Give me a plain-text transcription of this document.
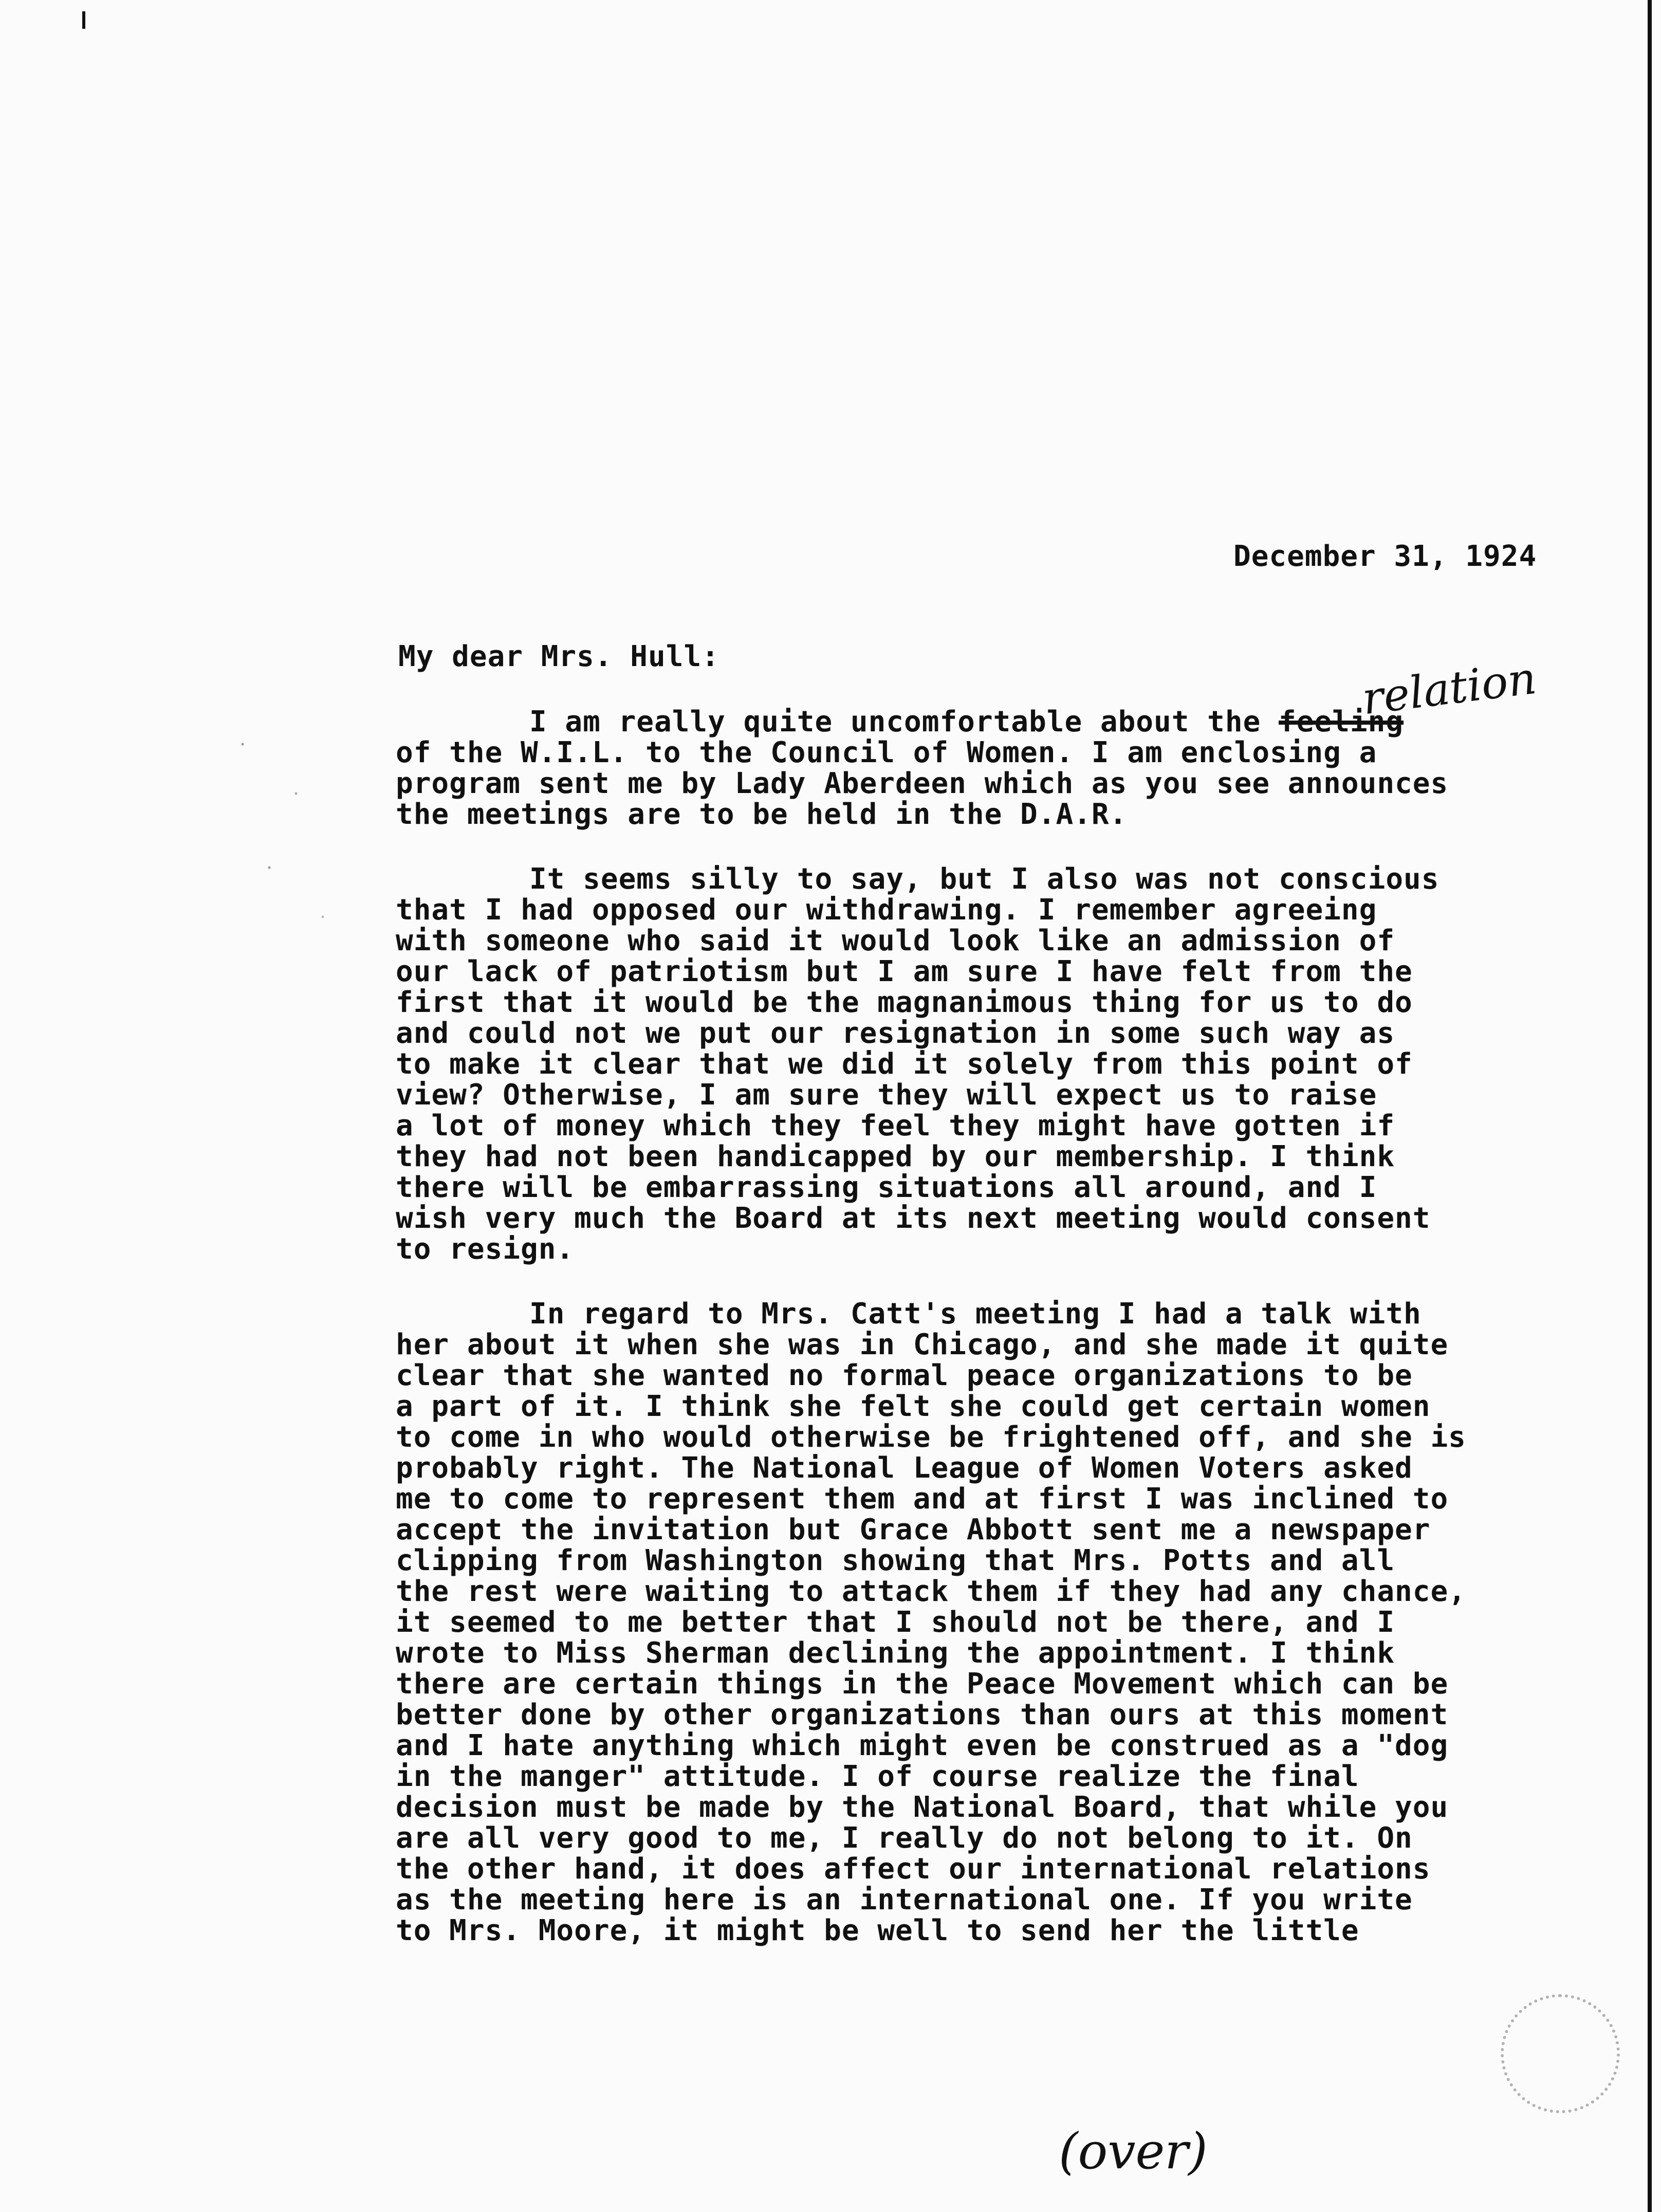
December 31, 1924
My dear Mrs. Hull:	relation
I am really quite uncomfortable about the feeling
of the W.I.L. to the Council of Women. I am enclosing a
program sent me by Lady Aberdeen which as you see announces
the meetings are to be held in the D.A.R.
It seems silly to say, but I also was not conscious
that I had opposed our withdrawing. I remember agreeing
with someone who said it would look like an admission of
our lack of patriotism but I am sure I have felt from the
first that it would be the magnanimous thing for us to do
and could not we put our resignation in some such way as
to make it clear that we did it solely from this point of
view? Otherwise, I am sure they will expect us to raise
a lot of money which they feel they might have gotten if
they had not been handicapped by our membership. I think
there will be embarrassing situations all around, and I
wish very much the Board at its next meeting would consent
to resign.
In regard to Mrs. Catt's meeting I had a talk with
her about it when she was in Chicago, and she made it quite
clear that she wanted no formal peace organizations to be
a part of it. I think she felt she could get certain women
to come in who would otherwise be frightened off, and she is
probably right. The National League of Women Voters asked
me to come to represent them and at first I was inclined to
accept the invitation but Grace Abbott sent me a newspaper
clipping from Washington showing that Mrs. Potts and all
the rest were waiting to attack them if they had any chance,
it seemed to me better that I should not be there, and I
wrote to Miss Sherman declining the appointment. I think
there are certain things in the Peace Movement which can be
better done by other organizations than ours at this moment
and I hate anything which might even be construed as a "dog
in the manger" attitude. I of course realize the final
decision must be made by the National Board, that while you
are all very good to me, I really do not belong to it. On
the other hand, it does affect our international relations
as the meeting here is an international one. If you write
to Mrs. Moore, it might be well to send her the little
(over)
